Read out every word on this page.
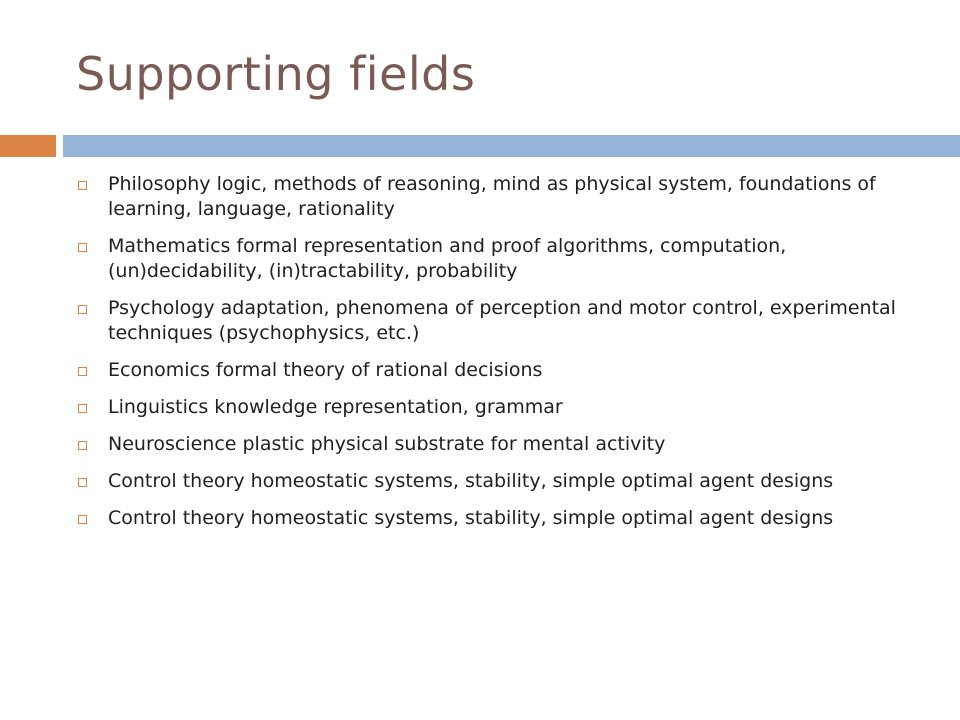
Supporting fields
Philosophy logic, methods of reasoning, mind as physical system, foundations of learning, language, rationality
Mathematics formal representation and proof algorithms, computation, (un)decidability, (in)tractability, probability
Psychology adaptation, phenomena of perception and motor control, experimental techniques (psychophysics, etc.)
Economics formal theory of rational decisions
Linguistics knowledge representation, grammar
Neuroscience plastic physical substrate for mental activity
Control theory homeostatic systems, stability, simple optimal agent designs
Control theory homeostatic systems, stability, simple optimal agent designs
